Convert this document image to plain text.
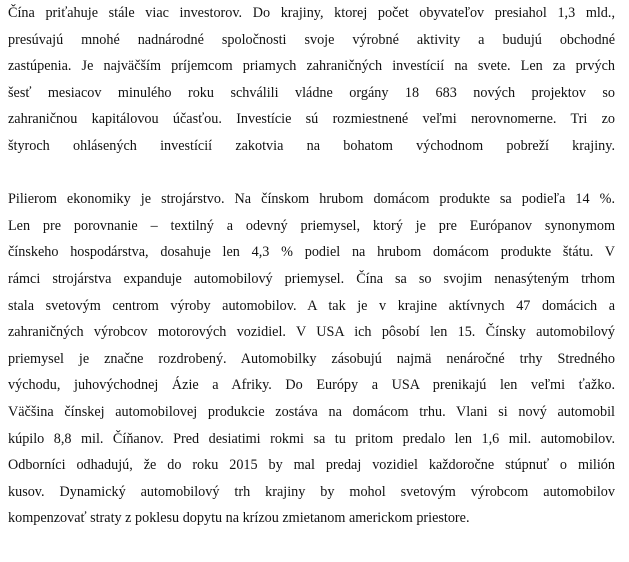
Čína priťahuje stále viac investorov. Do krajiny, ktorej počet obyvateľov presiahol 1,3 mld.,
presúvajú mnohé nadnárodné spoločnosti svoje výrobné aktivity a budujú obchodné
zastúpenia. Je najväčším príjemcom priamych zahraničných investícií na svete. Len za prvých
šesť mesiacov minulého roku schválili vládne orgány 18 683 nových projektov so
zahraničnou kapitálovou účasťou. Investície sú rozmiestnené veľmi nerovnomerne. Tri zo
štyroch ohlásených investícií zakotvia na bohatom východnom pobreží krajiny.
Pilierom ekonomiky je strojárstvo. Na čínskom hrubom domácom produkte sa podieľa 14 %.
Len pre porovnanie – textilný a odevný priemysel, ktorý je pre Európanov synonymom
čínskeho hospodárstva, dosahuje len 4,3 % podiel na hrubom domácom produkte štátu. V
rámci strojárstva expanduje automobilový priemysel. Čína sa so svojim nenasýteným trhom
stala svetovým centrom výroby automobilov. A tak je v krajine aktívnych 47 domácich a
zahraničných výrobcov motorových vozidiel. V USA ich pôsobí len 15. Čínsky automobilový
priemysel je značne rozdrobený. Automobilky zásobujú najmä nenáročné trhy Stredného
východu, juhovýchodnej Ázie a Afriky. Do Európy a USA prenikajú len veľmi ťažko.
Väčšina čínskej automobilovej produkcie zostáva na domácom trhu. Vlani si nový automobil
kúpilo 8,8 mil. Číňanov. Pred desiatimi rokmi sa tu pritom predalo len 1,6 mil. automobilov.
Odborníci odhadujú, že do roku 2015 by mal predaj vozidiel každoročne stúpnuť o milión
kusov. Dynamický automobilový trh krajiny by mohol svetovým výrobcom automobilov
kompenzovať straty z poklesu dopytu na krízou zmietanom americkom priestore.
